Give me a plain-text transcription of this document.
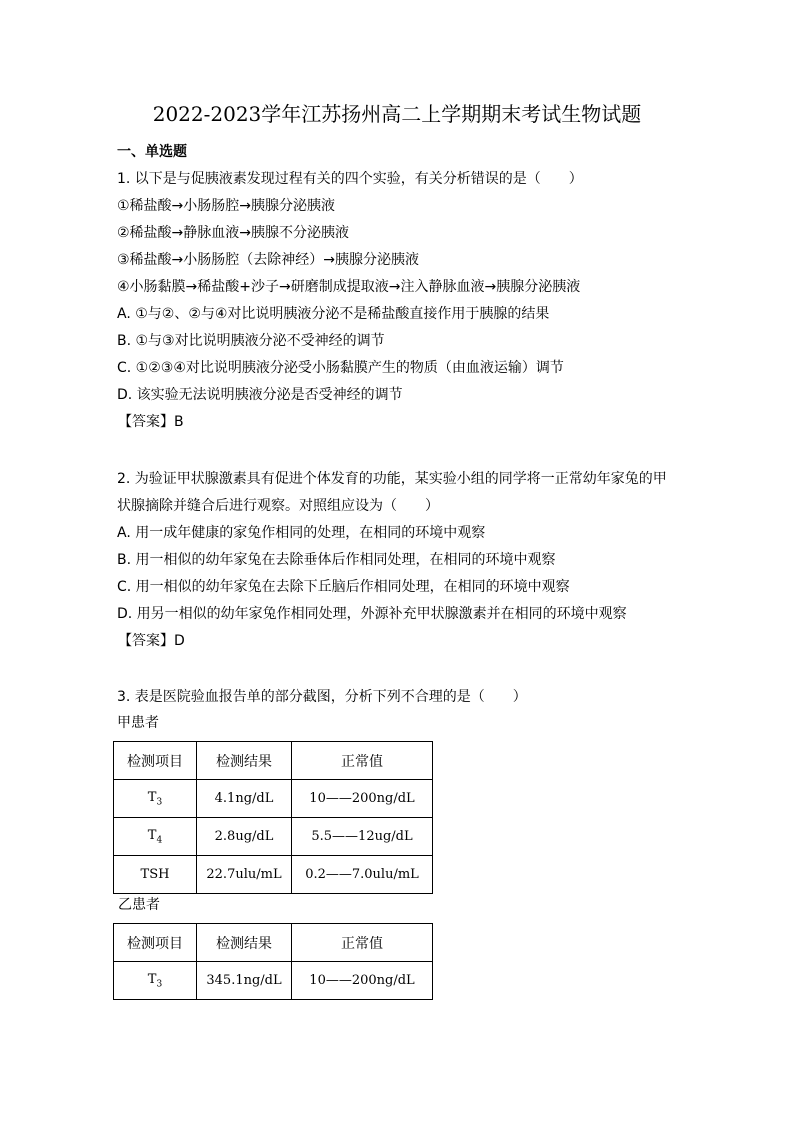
2022-2023学年江苏扬州高二上学期期末考试生物试题
一、单选题
1. 以下是与促胰液素发现过程有关的四个实验，有关分析错误的是（　　）
①稀盐酸→小肠肠腔→胰腺分泌胰液
②稀盐酸→静脉血液→胰腺不分泌胰液
③稀盐酸→小肠肠腔（去除神经）→胰腺分泌胰液
④小肠黏膜→稀盐酸+沙子→研磨制成提取液→注入静脉血液→胰腺分泌胰液
A. ①与②、②与④对比说明胰液分泌不是稀盐酸直接作用于胰腺的结果
B. ①与③对比说明胰液分泌不受神经的调节
C. ①②③④对比说明胰液分泌受小肠黏膜产生的物质（由血液运输）调节
D. 该实验无法说明胰液分泌是否受神经的调节
【答案】B
2. 为验证甲状腺激素具有促进个体发育的功能，某实验小组的同学将一正常幼年家兔的甲
状腺摘除并缝合后进行观察。对照组应设为（　　）
A. 用一成年健康的家兔作相同的处理，在相同的环境中观察
B. 用一相似的幼年家兔在去除垂体后作相同处理，在相同的环境中观察
C. 用一相似的幼年家兔在去除下丘脑后作相同处理，在相同的环境中观察
D. 用另一相似的幼年家兔作相同处理，外源补充甲状腺激素并在相同的环境中观察
【答案】D
3. 表是医院验血报告单的部分截图，分析下列不合理的是（　　）
甲患者
检测项目	检测结果	正常值
$T_3$	4.1ng/dL	10——200ng/dL
$T_4$	2.8ug/dL	5.5——12ug/dL
TSH	22.7ulu/mL	0.2——7.0ulu/mL
乙患者
检测项目	检测结果	正常值
$T_3$	345.1ng/dL	10——200ng/dL
